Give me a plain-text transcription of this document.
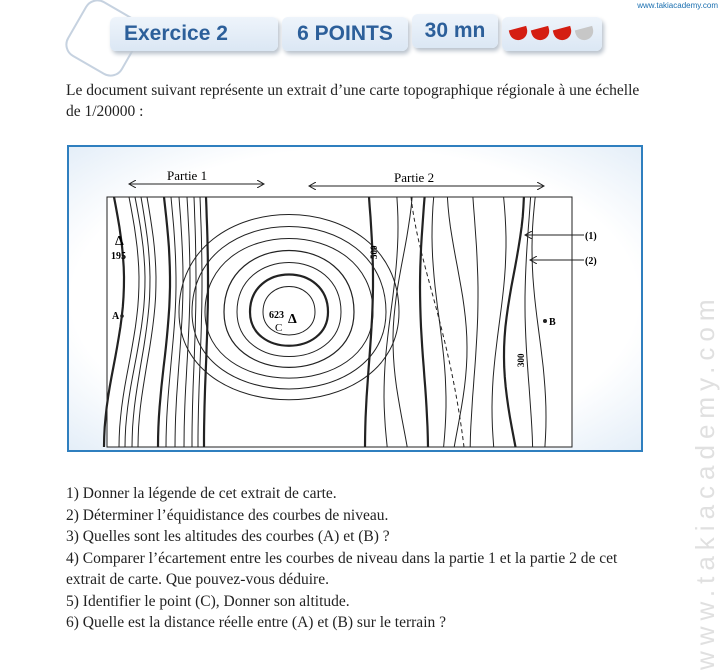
www.takiacademy.com
Exercice 2	6 POINTS	30 mn
Le document suivant représente un extrait d’une carte topographique régionale à une échelle de 1/20000 :
Partie 1	Partie 2
Δ
195
A	623 Δ
C	B
500
300
(1)
(2)
1) Donner la légende de cet extrait de carte.
2) Déterminer l’équidistance des courbes de niveau.
3) Quelles sont les altitudes des courbes (A) et (B) ?
4) Comparer l’écartement entre les courbes de niveau dans la partie 1 et la partie 2 de cet extrait de carte. Que pouvez-vous déduire.
5) Identifier le point (C), Donner son altitude.
6) Quelle est la distance réelle entre (A) et (B) sur le terrain ?	www.takiacademy.com
